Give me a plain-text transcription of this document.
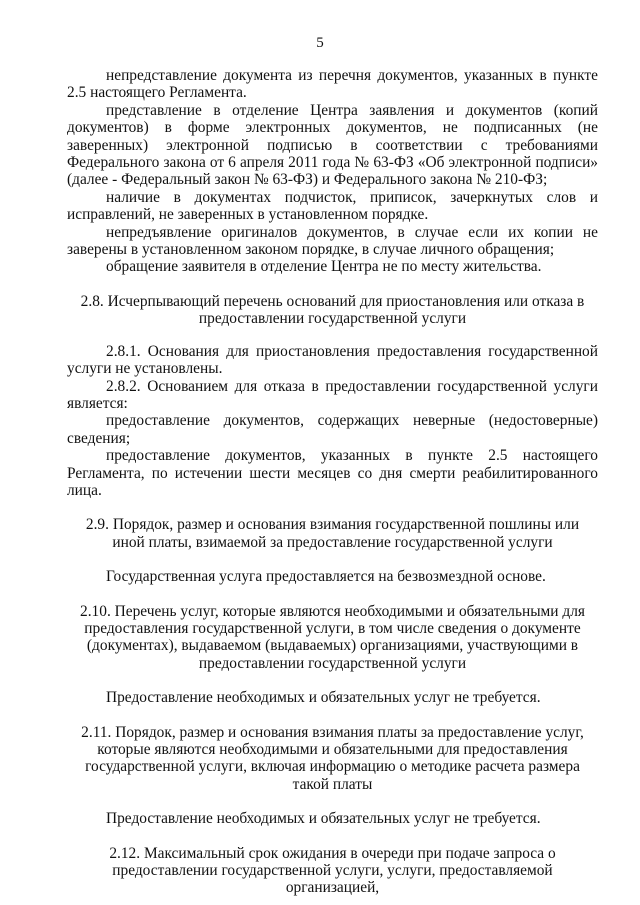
5

непредставление документа из перечня документов, указанных в пункте 2.5 настоящего Регламента.

представление в отделение Центра заявления и документов (копий документов) в форме электронных документов, не подписанных (не заверенных) электронной подписью в соответствии с требованиями Федерального закона от 6 апреля 2011 года № 63-ФЗ «Об электронной подписи» (далее - Федеральный закон № 63-ФЗ) и Федерального закона № 210-ФЗ;

наличие в документах подчисток, приписок, зачеркнутых слов и исправлений, не заверенных в установленном порядке.

непредъявление оригиналов документов, в случае если их копии не заверены в установленном законом порядке, в случае личного обращения;

обращение заявителя в отделение Центра не по месту жительства.

2.8. Исчерпывающий перечень оснований для приостановления или отказа в предоставлении государственной услуги

2.8.1. Основания для приостановления предоставления государственной услуги не установлены.

2.8.2. Основанием для отказа в предоставлении государственной услуги является:

предоставление документов, содержащих неверные (недостоверные) сведения;

предоставление документов, указанных в пункте 2.5 настоящего Регламента, по истечении шести месяцев со дня смерти реабилитированного лица.

2.9. Порядок, размер и основания взимания государственной пошлины или иной платы, взимаемой за предоставление государственной услуги

Государственная услуга предоставляется на безвозмездной основе.

2.10. Перечень услуг, которые являются необходимыми и обязательными для предоставления государственной услуги, в том числе сведения о документе (документах), выдаваемом (выдаваемых) организациями, участвующими в предоставлении государственной услуги

Предоставление необходимых и обязательных услуг не требуется.

2.11. Порядок, размер и основания взимания платы за предоставление услуг, которые являются необходимыми и обязательными для предоставления государственной услуги, включая информацию о методике расчета размера такой платы

Предоставление необходимых и обязательных услуг не требуется.

2.12. Максимальный срок ожидания в очереди при подаче запроса о предоставлении государственной услуги, услуги, предоставляемой организацией,
